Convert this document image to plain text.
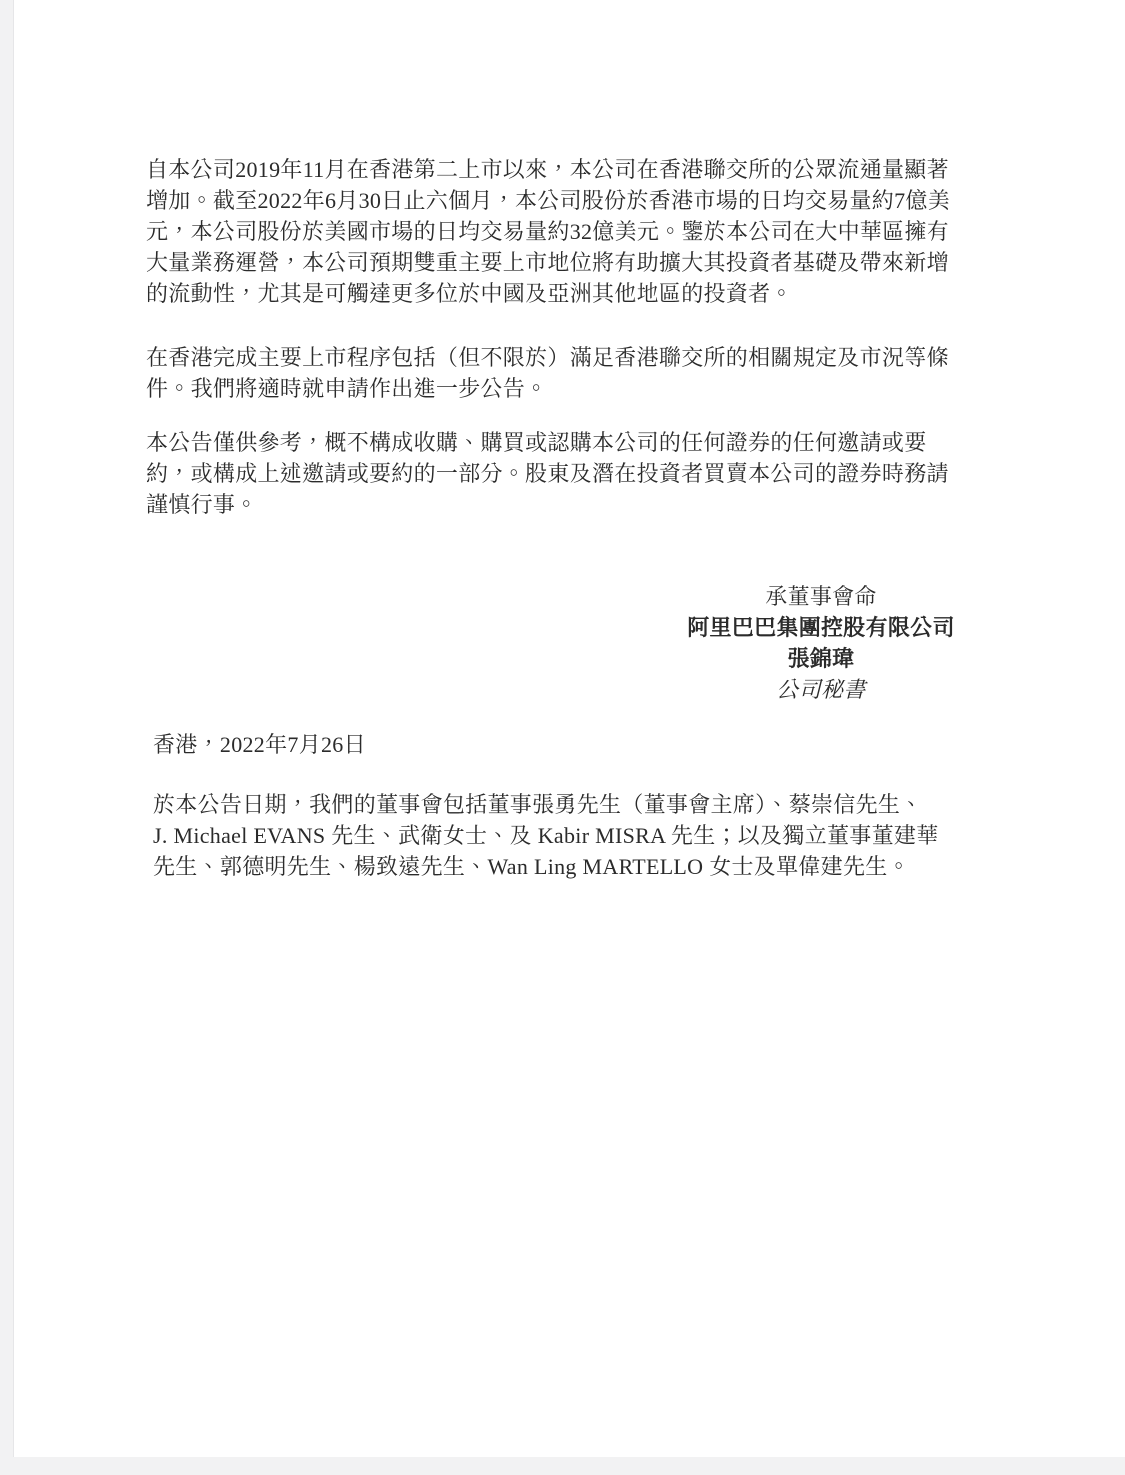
自本公司2019年11月在香港第二上市以來，本公司在香港聯交所的公眾流通量顯著
增加。截至2022年6月30日止六個月，本公司股份於香港市場的日均交易量約7億美
元，本公司股份於美國市場的日均交易量約32億美元。鑒於本公司在大中華區擁有
大量業務運營，本公司預期雙重主要上市地位將有助擴大其投資者基礎及帶來新增
的流動性，尤其是可觸達更多位於中國及亞洲其他地區的投資者。
在香港完成主要上市程序包括（但不限於）滿足香港聯交所的相關規定及市況等條
件。我們將適時就申請作出進一步公告。
本公告僅供參考，概不構成收購、購買或認購本公司的任何證券的任何邀請或要
約，或構成上述邀請或要約的一部分。股東及潛在投資者買賣本公司的證券時務請
謹慎行事。
承董事會命
阿里巴巴集團控股有限公司
張錦瑋
公司秘書
香港，2022年7月26日
於本公告日期，我們的董事會包括董事張勇先生（董事會主席）、蔡崇信先生、
J. Michael EVANS 先生、武衛女士、及 Kabir MISRA 先生；以及獨立董事董建華
先生、郭德明先生、楊致遠先生、Wan Ling MARTELLO 女士及單偉建先生。
